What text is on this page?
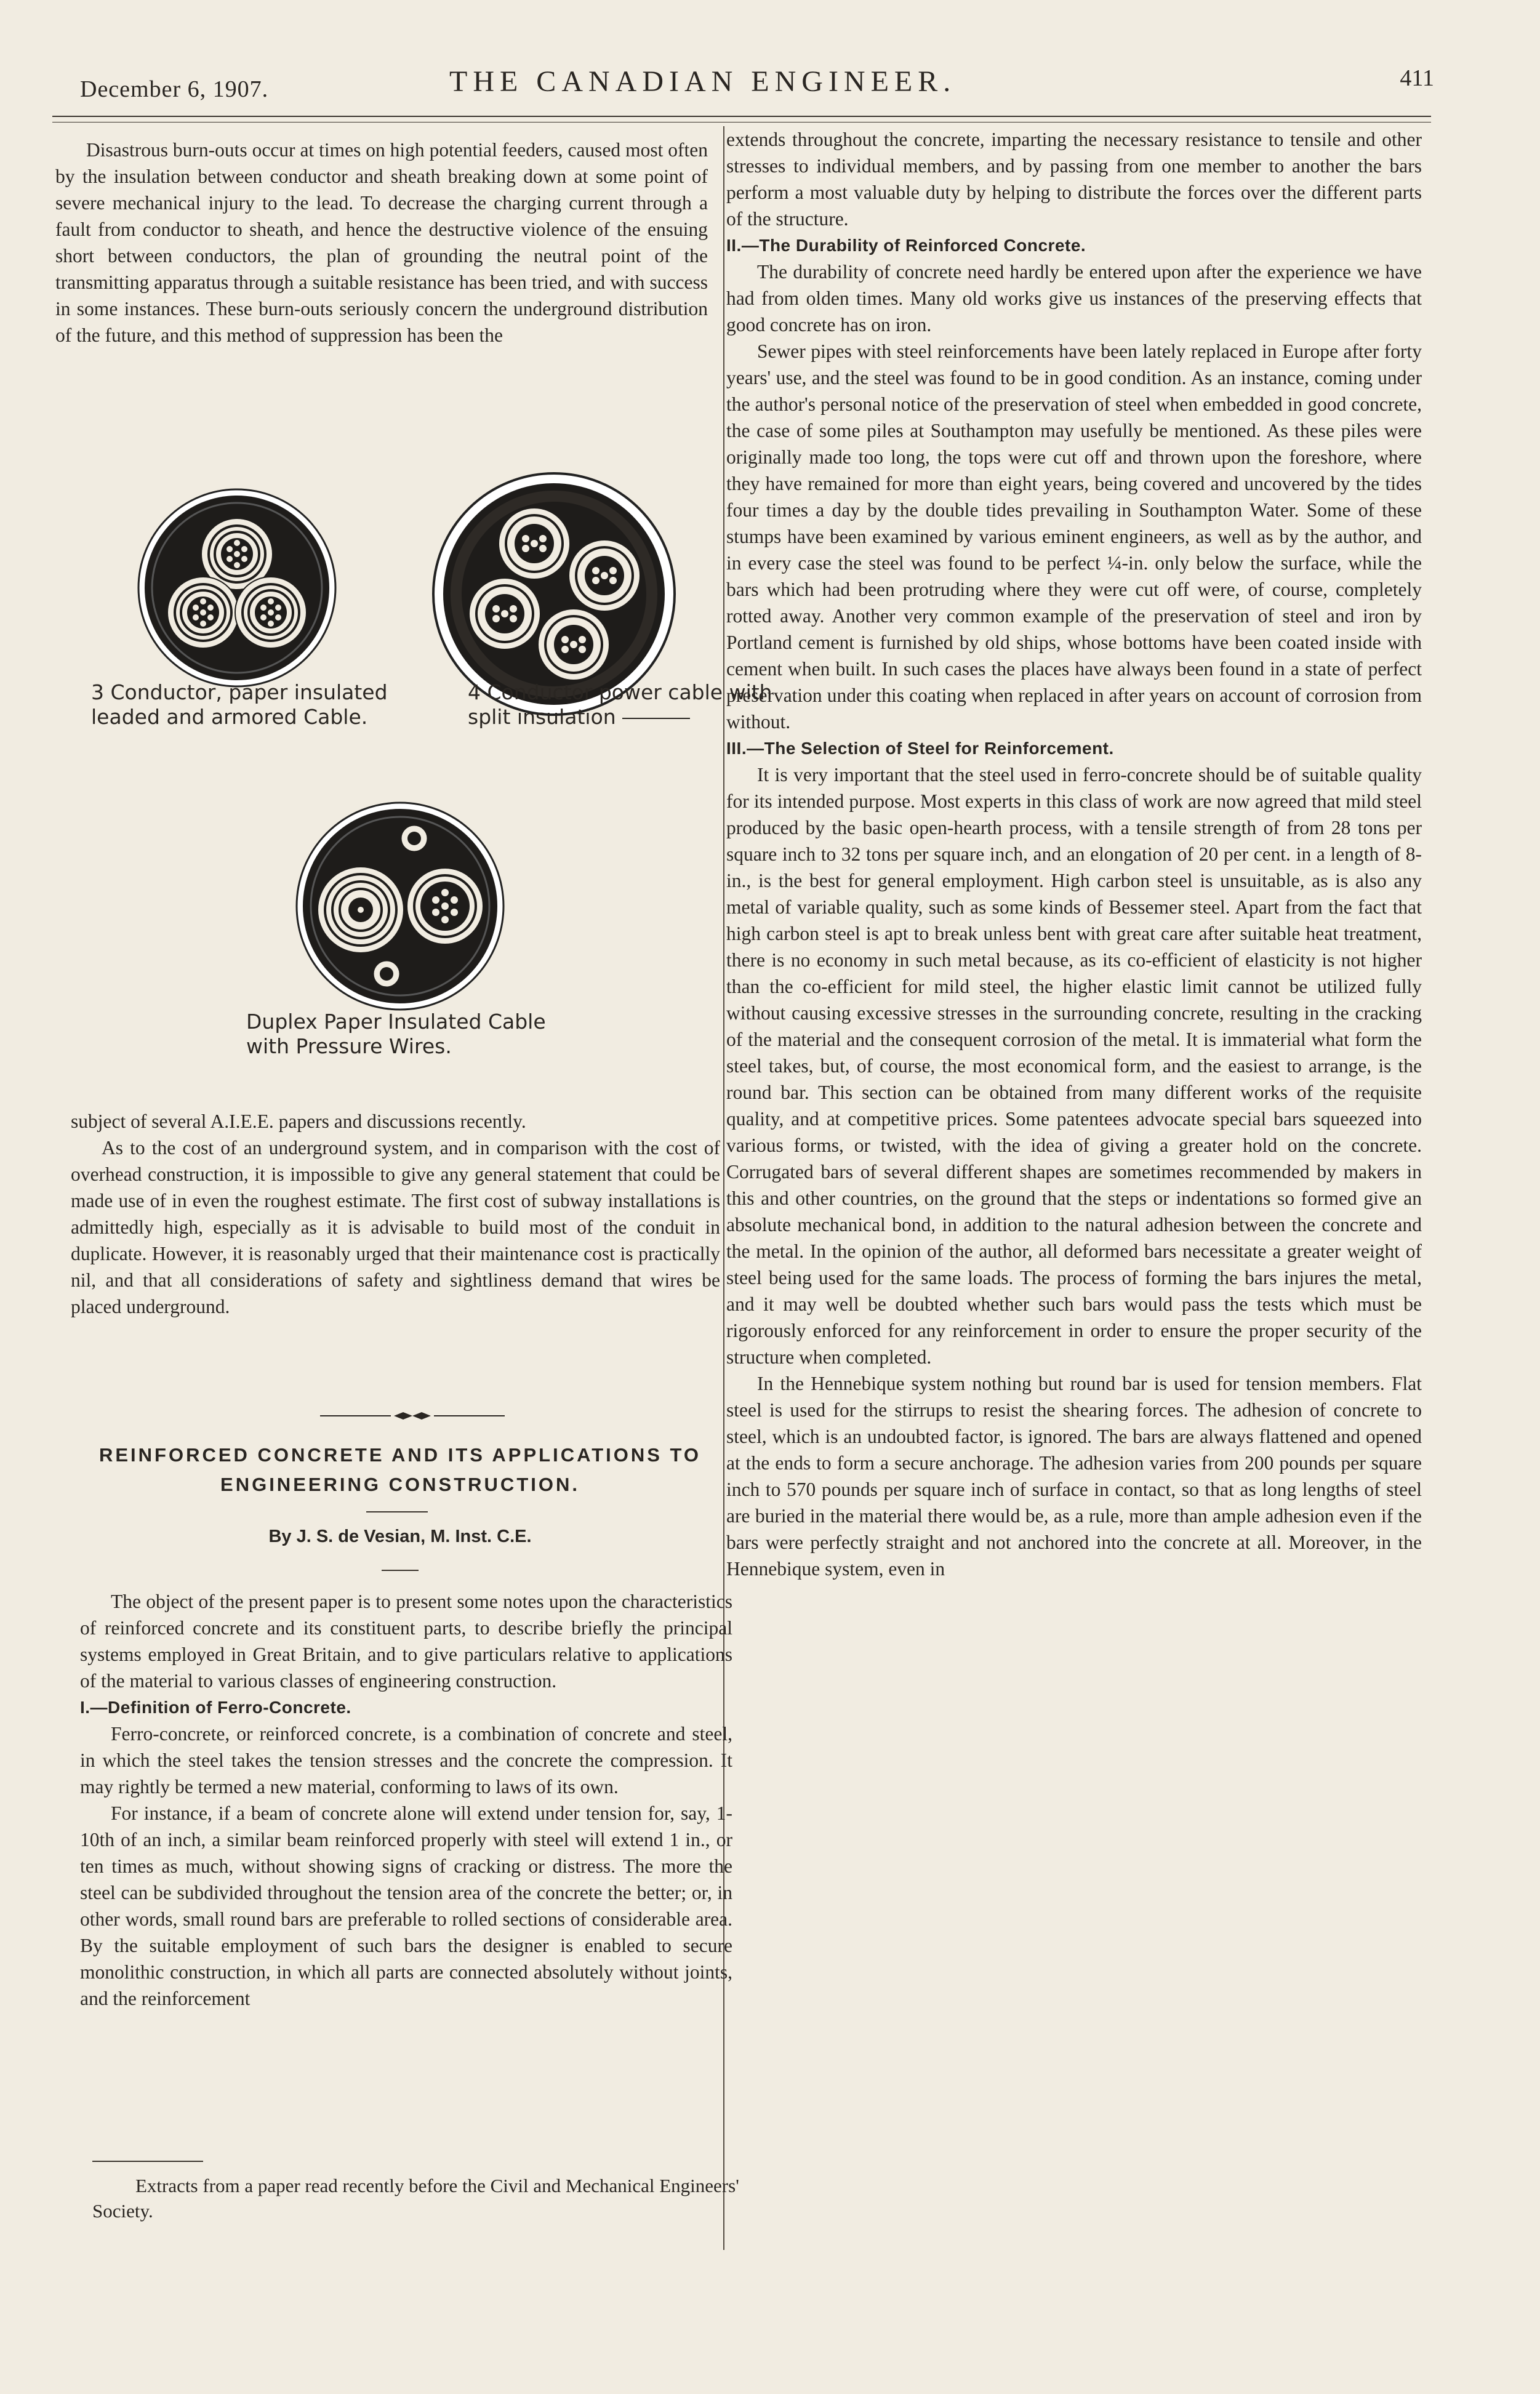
December 6, 1907.	THE CANADIAN ENGINEER.	411

Disastrous burn-outs occur at times on high potential feeders, caused most often by the insulation between conductor and sheath breaking down at some point of severe mechanical injury to the lead. To decrease the charging current through a fault from conductor to sheath, and hence the destructive violence of the ensuing short between conductors, the plan of grounding the neutral point of the transmitting apparatus through a suitable resistance has been tried, and with success in some instances. These burn-outs seriously concern the underground distribution of the future, and this method of suppression has been the

3 Conductor, paper insulated leaded and armored Cable.
4 Conductor power cable with split insulation
Duplex Paper Insulated Cable with Pressure Wires.

subject of several A.I.E.E. papers and discussions recently.

As to the cost of an underground system, and in comparison with the cost of overhead construction, it is impossible to give any general statement that could be made use of in even the roughest estimate. The first cost of subway installations is admittedly high, especially as it is advisable to build most of the conduit in duplicate. However, it is reasonably urged that their maintenance cost is practically nil, and that all considerations of safety and sightliness demand that wires be placed underground.

REINFORCED CONCRETE AND ITS APPLICATIONS TO ENGINEERING CONSTRUCTION.
By J. S. de Vesian, M. Inst. C.E.

The object of the present paper is to present some notes upon the characteristics of reinforced concrete and its constituent parts, to describe briefly the principal systems employed in Great Britain, and to give particulars relative to applications of the material to various classes of engineering construction.

I.—Definition of Ferro-Concrete.

Ferro-concrete, or reinforced concrete, is a combination of concrete and steel, in which the steel takes the tension stresses and the concrete the compression. It may rightly be termed a new material, conforming to laws of its own.

For instance, if a beam of concrete alone will extend under tension for, say, 1-10th of an inch, a similar beam reinforced properly with steel will extend 1 in., or ten times as much, without showing signs of cracking or distress. The more the steel can be subdivided throughout the tension area of the concrete the better; or, in other words, small round bars are preferable to rolled sections of considerable area. By the suitable employment of such bars the designer is enabled to secure monolithic construction, in which all parts are connected absolutely without joints, and the reinforcement

Extracts from a paper read recently before the Civil and Mechanical Engineers' Society.

extends throughout the concrete, imparting the necessary resistance to tensile and other stresses to individual members, and by passing from one member to another the bars perform a most valuable duty by helping to distribute the forces over the different parts of the structure.

II.—The Durability of Reinforced Concrete.

The durability of concrete need hardly be entered upon after the experience we have had from olden times. Many old works give us instances of the preserving effects that good concrete has on iron.

Sewer pipes with steel reinforcements have been lately replaced in Europe after forty years' use, and the steel was found to be in good condition. As an instance, coming under the author's personal notice of the preservation of steel when embedded in good concrete, the case of some piles at Southampton may usefully be mentioned. As these piles were originally made too long, the tops were cut off and thrown upon the foreshore, where they have remained for more than eight years, being covered and uncovered by the tides four times a day by the double tides prevailing in Southampton Water. Some of these stumps have been examined by various eminent engineers, as well as by the author, and in every case the steel was found to be perfect ¼-in. only below the surface, while the bars which had been protruding where they were cut off were, of course, completely rotted away. Another very common example of the preservation of steel and iron by Portland cement is furnished by old ships, whose bottoms have been coated inside with cement when built. In such cases the places have always been found in a state of perfect preservation under this coating when replaced in after years on account of corrosion from without.

III.—The Selection of Steel for Reinforcement.

It is very important that the steel used in ferro-concrete should be of suitable quality for its intended purpose. Most experts in this class of work are now agreed that mild steel produced by the basic open-hearth process, with a tensile strength of from 28 tons per square inch to 32 tons per square inch, and an elongation of 20 per cent. in a length of 8-in., is the best for general employment. High carbon steel is unsuitable, as is also any metal of variable quality, such as some kinds of Bessemer steel. Apart from the fact that high carbon steel is apt to break unless bent with great care after suitable heat treatment, there is no economy in such metal because, as its co-efficient of elasticity is not higher than the co-efficient for mild steel, the higher elastic limit cannot be utilized fully without causing excessive stresses in the surrounding concrete, resulting in the cracking of the material and the consequent corrosion of the metal. It is immaterial what form the steel takes, but, of course, the most economical form, and the easiest to arrange, is the round bar. This section can be obtained from many different works of the requisite quality, and at competitive prices. Some patentees advocate special bars squeezed into various forms, or twisted, with the idea of giving a greater hold on the concrete. Corrugated bars of several different shapes are sometimes recommended by makers in this and other countries, on the ground that the steps or indentations so formed give an absolute mechanical bond, in addition to the natural adhesion between the concrete and the metal. In the opinion of the author, all deformed bars necessitate a greater weight of steel being used for the same loads. The process of forming the bars injures the metal, and it may well be doubted whether such bars would pass the tests which must be rigorously enforced for any reinforcement in order to ensure the proper security of the structure when completed.

In the Hennebique system nothing but round bar is used for tension members. Flat steel is used for the stirrups to resist the shearing forces. The adhesion of concrete to steel, which is an undoubted factor, is ignored. The bars are always flattened and opened at the ends to form a secure anchorage. The adhesion varies from 200 pounds per square inch to 570 pounds per square inch of surface in contact, so that as long lengths of steel are buried in the material there would be, as a rule, more than ample adhesion even if the bars were perfectly straight and not anchored into the concrete at all. Moreover, in the Hennebique system, even in
